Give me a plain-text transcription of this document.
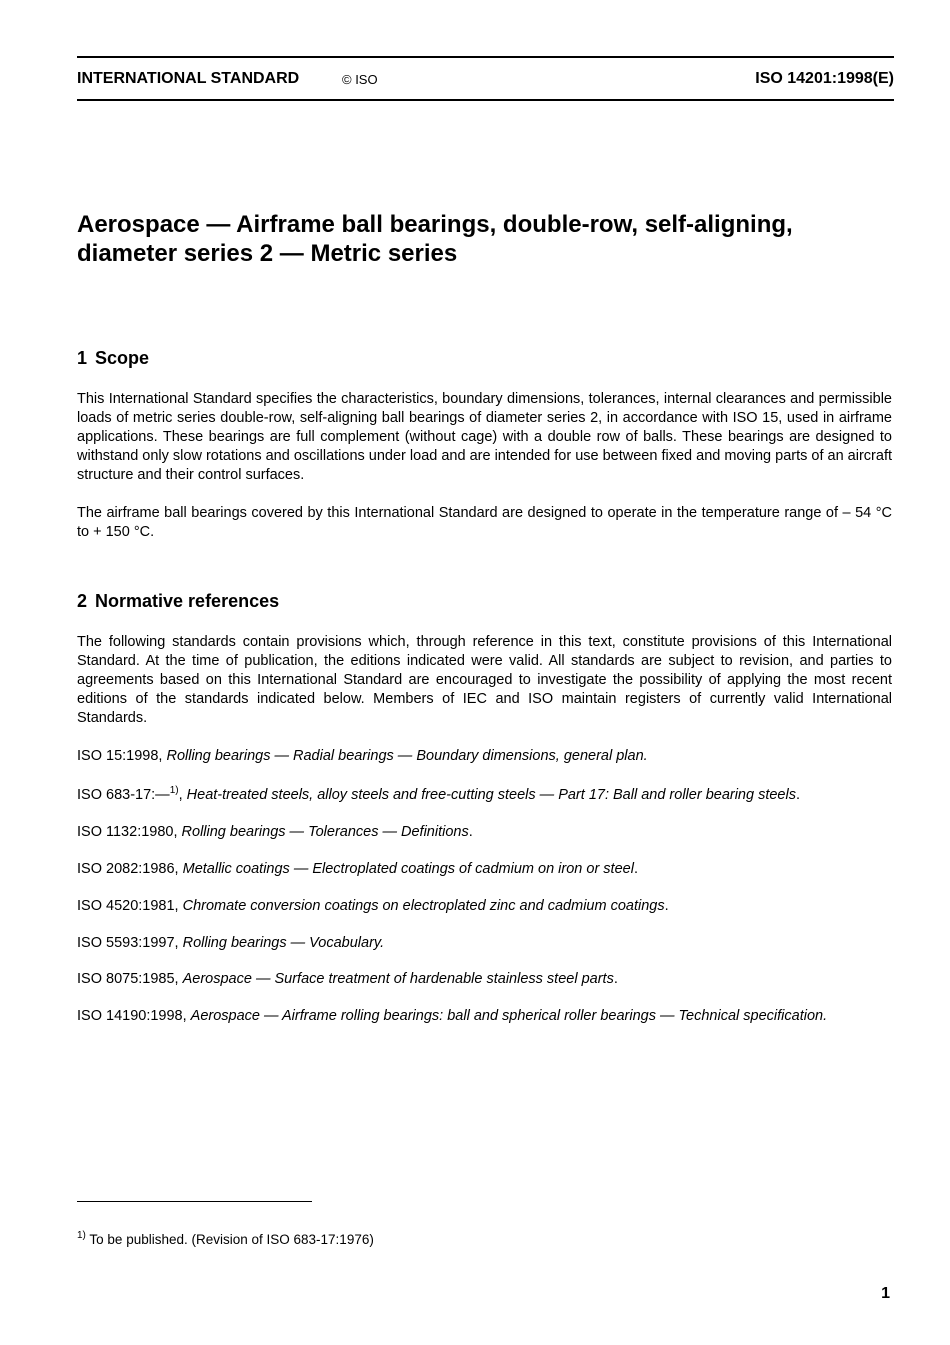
INTERNATIONAL STANDARD	© ISO	ISO 14201:1998(E)
Aerospace — Airframe ball bearings, double-row, self-aligning,
diameter series 2 — Metric series
1 Scope

This International Standard specifies the characteristics, boundary dimensions, tolerances, internal clearances and permissible loads of metric series double-row, self-aligning ball bearings of diameter series 2, in accordance with ISO 15, used in airframe applications. These bearings are full complement (without cage) with a double row of balls. These bearings are designed to withstand only slow rotations and oscillations under load and are intended for use between fixed and moving parts of an aircraft structure and their control surfaces.

The airframe ball bearings covered by this International Standard are designed to operate in the temperature range of – 54 °C to + 150 °C.

2 Normative references

The following standards contain provisions which, through reference in this text, constitute provisions of this International Standard. At the time of publication, the editions indicated were valid. All standards are subject to revision, and parties to agreements based on this International Standard are encouraged to investigate the possibility of applying the most recent editions of the standards indicated below. Members of IEC and ISO maintain registers of currently valid International Standards.

ISO 15:1998, Rolling bearings — Radial bearings — Boundary dimensions, general plan.

ISO 683-17:—$^{1)}$, Heat-treated steels, alloy steels and free-cutting steels — Part 17: Ball and roller bearing steels.

ISO 1132:1980, Rolling bearings — Tolerances — Definitions.

ISO 2082:1986, Metallic coatings — Electroplated coatings of cadmium on iron or steel.

ISO 4520:1981, Chromate conversion coatings on electroplated zinc and cadmium coatings.

ISO 5593:1997, Rolling bearings — Vocabulary.

ISO 8075:1985, Aerospace — Surface treatment of hardenable stainless steel parts.

ISO 14190:1998, Aerospace — Airframe rolling bearings: ball and spherical roller bearings — Technical specification.

$^{1)}$ To be published. (Revision of ISO 683-17:1976)

1
